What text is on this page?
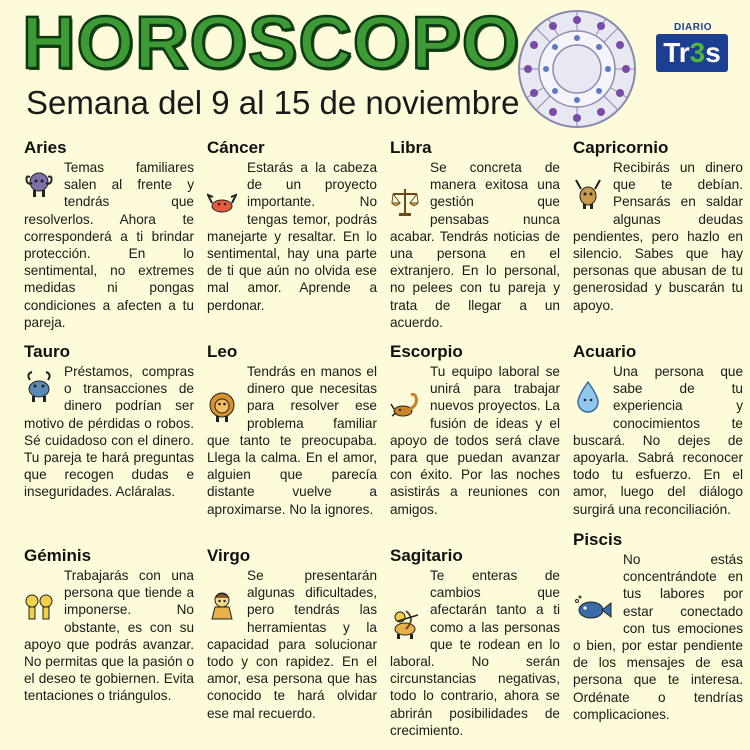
HOROSCOPO
Semana del 9 al 15 de noviembre
DIARIO
Tr3s
Aries
Temas familiares salen al frente y tendrás que resolverlos. Ahora te corresponderá a ti brindar protección. En lo sentimental, no extremes medidas ni pongas condiciones a afecten a tu pareja.
Cáncer
Estarás a la cabeza de un proyecto importante. No tengas temor, podrás manejarte y resaltar. En lo sentimental, hay una parte de ti que aún no olvida ese mal amor. Aprende a perdonar.
Libra
Se concreta de manera exitosa una gestión que pensabas nunca acabar. Tendrás noticias de una persona en el extranjero. En lo personal, no pelees con tu pareja y trata de llegar a un acuerdo.
Capricornio
Recibirás un dinero que te debían. Pensarás en saldar algunas deudas pendientes, pero hazlo en silencio. Sabes que hay personas que abusan de tu generosidad y buscarán tu apoyo.
Tauro
Préstamos, compras o transacciones de dinero podrían ser motivo de pérdidas o robos. Sé cuidadoso con el dinero. Tu pareja te hará preguntas que recogen dudas e inseguridades. Acláralas.
Leo
Tendrás en manos el dinero que necesitas para resolver ese problema familiar que tanto te preocupaba. Llega la calma. En el amor, alguien que parecía distante vuelve a aproximarse. No la ignores.
Escorpio
Tu equipo laboral se unirá para trabajar nuevos proyectos. La fusión de ideas y el apoyo de todos será clave para que puedan avanzar con éxito. Por las noches asistirás a reuniones con amigos.
Acuario
Una persona que sabe de tu experiencia y conocimientos te buscará. No dejes de apoyarla. Sabrá reconocer todo tu esfuerzo. En el amor, luego del diálogo surgirá una reconciliación.
Géminis
Trabajarás con una persona que tiende a imponerse. No obstante, es con su apoyo que podrás avanzar. No permitas que la pasión o el deseo te gobiernen. Evita tentaciones o triángulos.
Virgo
Se presentarán algunas dificultades, pero tendrás las herramientas y la capacidad para solucionar todo y con rapidez. En el amor, esa persona que has conocido te hará olvidar ese mal recuerdo.
Sagitario
Te enteras de cambios que afectarán tanto a ti como a las personas que te rodean en lo laboral. No serán circunstancias negativas, todo lo contrario, ahora se abrirán posibilidades de crecimiento.
Piscis
No estás concentrándote en tus labores por estar conectado con tus emociones o bien, por estar pendiente de los mensajes de esa persona que te interesa. Ordénate o tendrías complicaciones.
